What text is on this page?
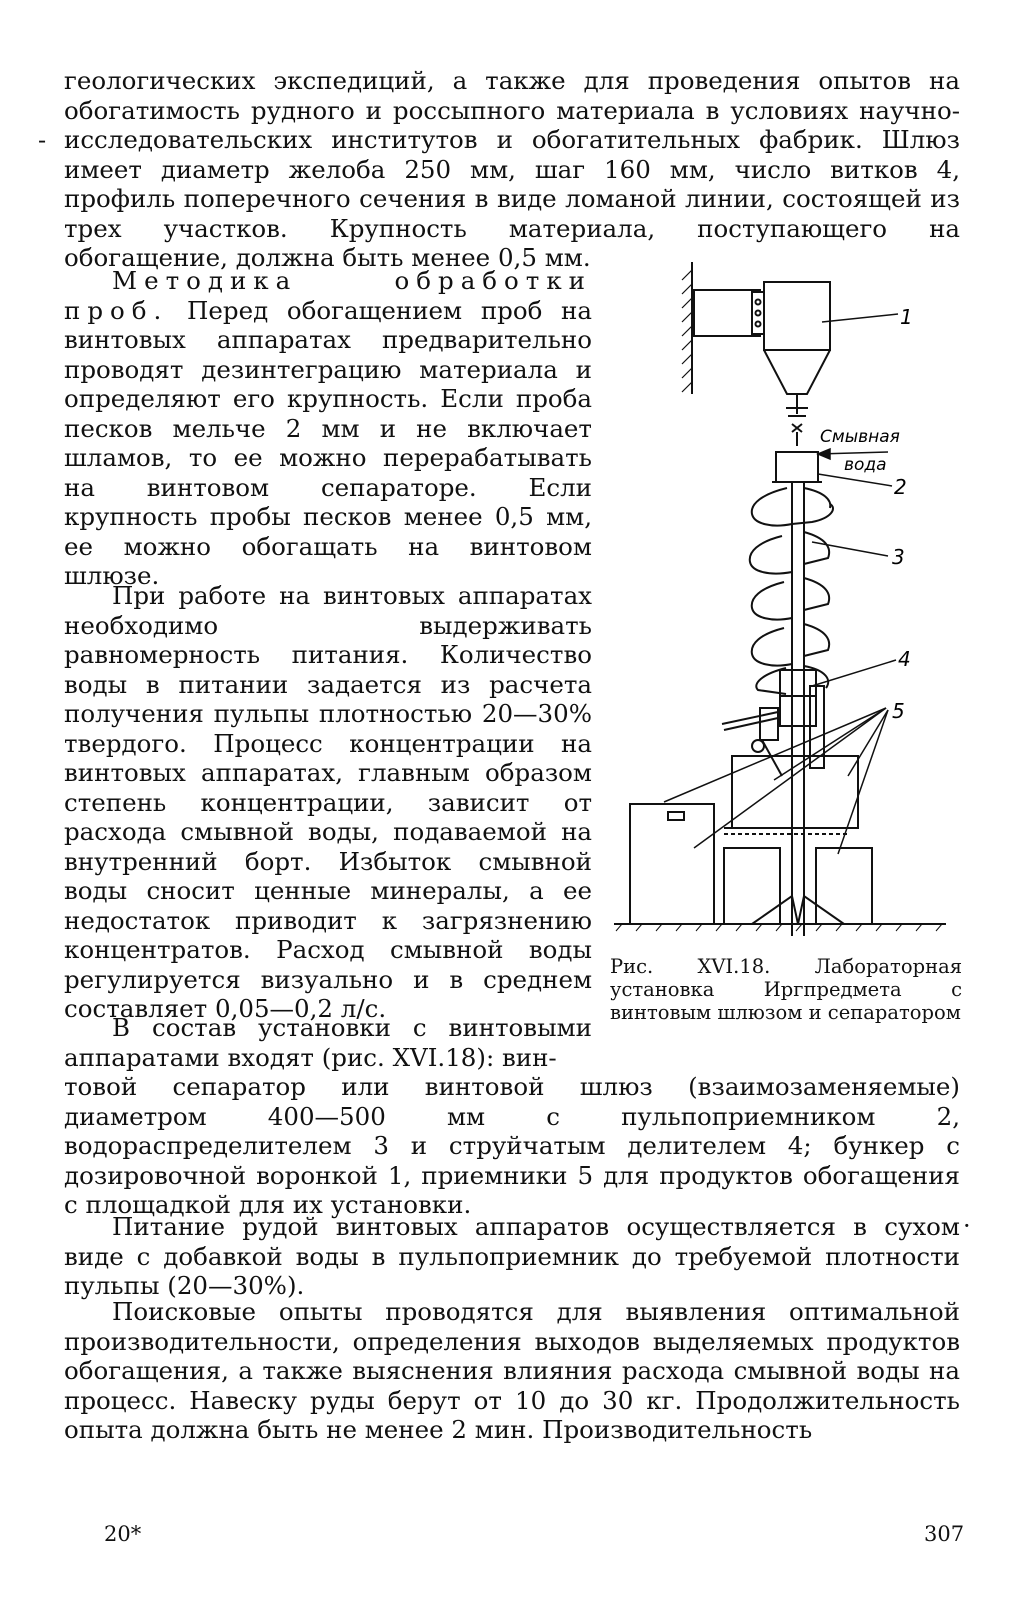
-
·

геологических экспедиций, а также для проведения опытов на обогатимость рудного и россыпного материала в условиях научно-исследовательских институтов и обогатительных фабрик. Шлюз имеет диаметр желоба 250 мм, шаг 160 мм, число витков 4, профиль поперечного сечения в виде ломаной линии, состоящей из трех участков. Крупность материала, поступающего на обогащение, должна быть менее 0,5 мм.

Методика обработки проб. Перед обогащением проб на винтовых аппаратах предварительно проводят дезинтеграцию материала и определяют его крупность. Если проба песков мельче 2 мм и не включает шламов, то ее можно перерабатывать на винтовом сепараторе. Если крупность пробы песков менее 0,5 мм, ее можно обогащать на винтовом шлюзе.

При работе на винтовых аппаратах необходимо выдерживать равномерность питания. Количество воды в питании задается из расчета получения пульпы плотностью 20—30% твердого. Процесс концентрации на винтовых аппаратах, главным образом степень концентрации, зависит от расхода смывной воды, подаваемой на внутренний борт. Избыток смывной воды сносит ценные минералы, а ее недостаток приводит к загрязнению концентратов. Расход смывной воды регулируется визуально и в среднем составляет 0,05—0,2 л/с.

В состав установки с винтовыми аппаратами входят (рис. XVI.18): вин-

товой сепаратор или винтовой шлюз (взаимозаменяемые) диаметром 400—500 мм с пульпоприемником 2, водораспределителем 3 и струйчатым делителем 4; бункер с дозировочной воронкой 1, приемники 5 для продуктов обогащения с площадкой для их установки.

Питание рудой винтовых аппаратов осуществляется в сухом виде с добавкой воды в пульпоприемник до требуемой плотности пульпы (20—30%).

Поисковые опыты проводятся для выявления оптимальной производительности, определения выходов выделяемых продуктов обогащения, а также выяснения влияния расхода смывной воды на процесс. Навеску руды берут от 10 до 30 кг. Продолжительность опыта должна быть не менее 2 мин. Производительность

1
2
3
4
5
Смывная
вода
Рис. XVI.18. Лабораторная установка Иргпредмета с винтовым шлюзом и сепаратором
20*	307
